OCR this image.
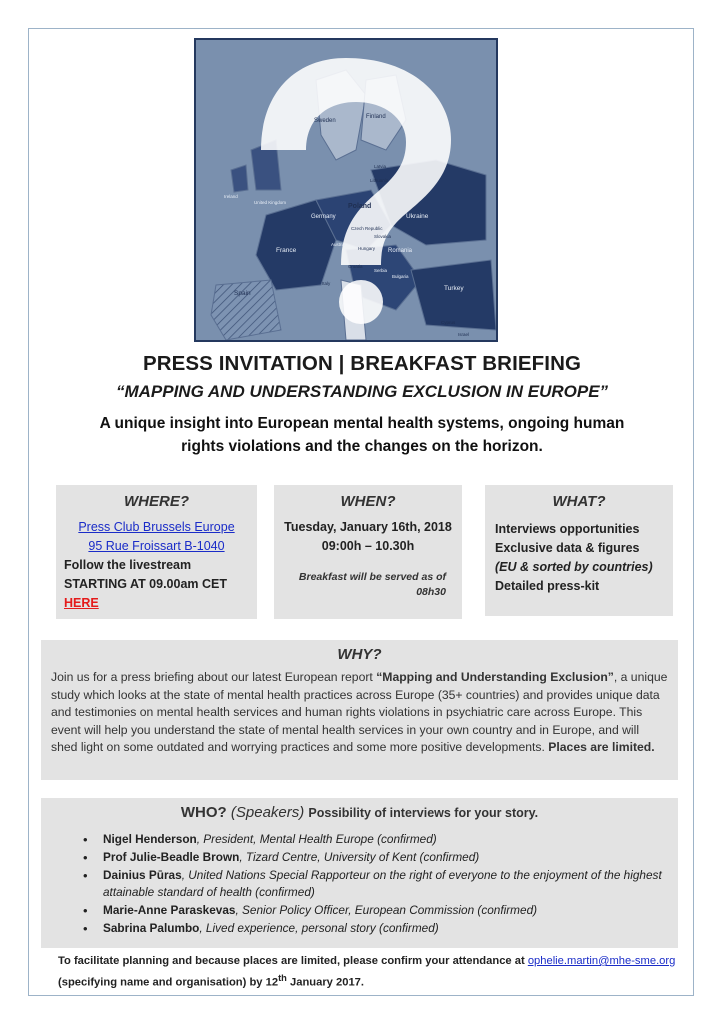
Sweden
Finland
Latvia
Lithuania
Poland
Ukraine
Germany
Czech Republic
Slovakia
Hungary Romania
France
Austria
Croatia
Serbia
Bulgaria
Turkey
Spain
Italy
Cyprus
Israel
United Kingdom
Ireland
PRESS INVITATION | BREAKFAST BRIEFING
“MAPPING AND UNDERSTANDING EXCLUSION IN EUROPE”
A unique insight into European mental health systems, ongoing human
rights violations and the changes on the horizon.
WHERE?
Press Club Brussels Europe
95 Rue Froissart B-1040
Follow the livestream
STARTING AT 09.00am CET
HERE
WHEN?
Tuesday, January 16th, 2018
09:00h – 10.30h
Breakfast will be served as of
08h30
WHAT?
Interviews opportunities
Exclusive data & figures (EU & sorted by countries)
Detailed press-kit
WHY?

Join us for a press briefing about our latest European report “Mapping and Understanding Exclusion”, a unique study which looks at the state of mental health practices across Europe (35+ countries) and provides unique data and testimonies on mental health services and human rights violations in psychiatric care across Europe. This event will help you understand the state of mental health services in your own country and in Europe, and will shed light on some outdated and worrying practices and some more positive developments. Places are limited.

WHO? (Speakers) Possibility of interviews for your story.
• Nigel Henderson, President, Mental Health Europe (confirmed)
• Prof Julie-Beadle Brown, Tizard Centre, University of Kent (confirmed)
• Dainius Pūras, United Nations Special Rapporteur on the right of everyone to the enjoyment of the highest attainable standard of health (confirmed)
• Marie-Anne Paraskevas, Senior Policy Officer, European Commission (confirmed)
• Sabrina Palumbo, Lived experience, personal story (confirmed)
To facilitate planning and because places are limited, please confirm your attendance at ophelie.martin@mhe-sme.org
(specifying name and organisation) by 12th January 2017.
